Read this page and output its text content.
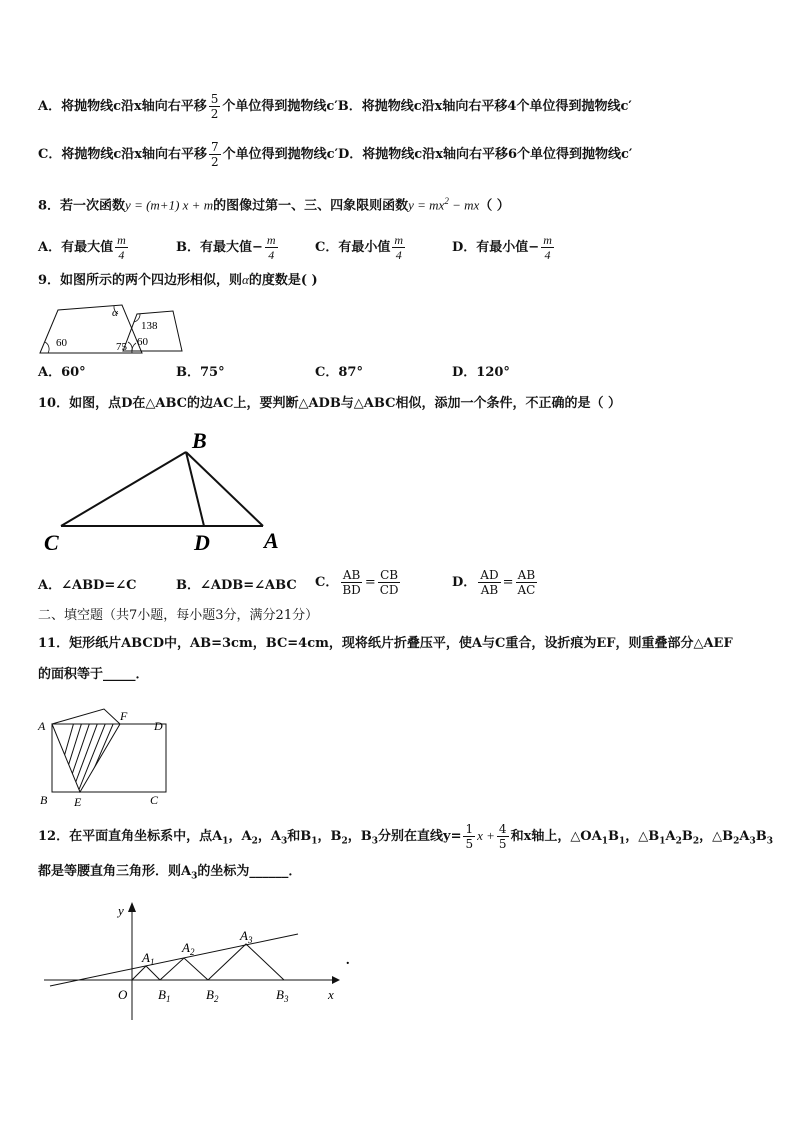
A．将抛物线c沿x轴向右平移 $\frac{5}{2}$ 个单位得到抛物线c′B．将抛物线c沿x轴向右平移4个单位得到抛物线c′
C．将抛物线c沿x轴向右平移 $\frac{7}{2}$ 个单位得到抛物线c′D．将抛物线c沿x轴向右平移6个单位得到抛物线c′
8．若一次函数y = (m+1) x + m的图像过第一、三、四象限则函数$y = mx^2 - mx$（ ）
A．有最大值 $\frac{m}{4}$	B．有最大值− $\frac{m}{4}$	C．有最小值 $\frac{m}{4}$	D．有最小值− $\frac{m}{4}$
9．如图所示的两个四边形相似，则α的度数是( )
60	75
α
138
60
A．60°	B．75°	C．87°	D．120°
10．如图，点D在△ABC的边AC上，要判断△ADB与△ABC相似，添加一个条件，不正确的是（ ）
B
C	D A
A．∠ABD=∠C	B．∠ADB=∠ABC C． $\frac{AB}{BD} = \frac{CB}{CD}$	D． $\frac{AD}{AB} = \frac{AB}{AC}$
二、填空题（共7小题，每小题3分，满分21分）
11．矩形纸片ABCD中，AB=3cm，BC=4cm，现将纸片折叠压平，使A与C重合，设折痕为EF，则重叠部分△AEF
的面积等于_____．
A
F
D
B E	C
12．在平面直角坐标系中，点$A_1$，$A_2$，$A_3$和$B_1$，$B_2$，$B_3$分别在直线$y= \frac{1}{5}$ $x + \frac{4}{5}$ 和x轴上，$\triangle OA_1B_1$，$\triangle B_1A_2B_2$，$\triangle B_2A_3B_3$
都是等腰直角三角形．则$A_3$的坐标为______．
y
x
O
$A_1$
$A_2$
$A_3$
$B_1$	$B_2$	$B_3$
.
